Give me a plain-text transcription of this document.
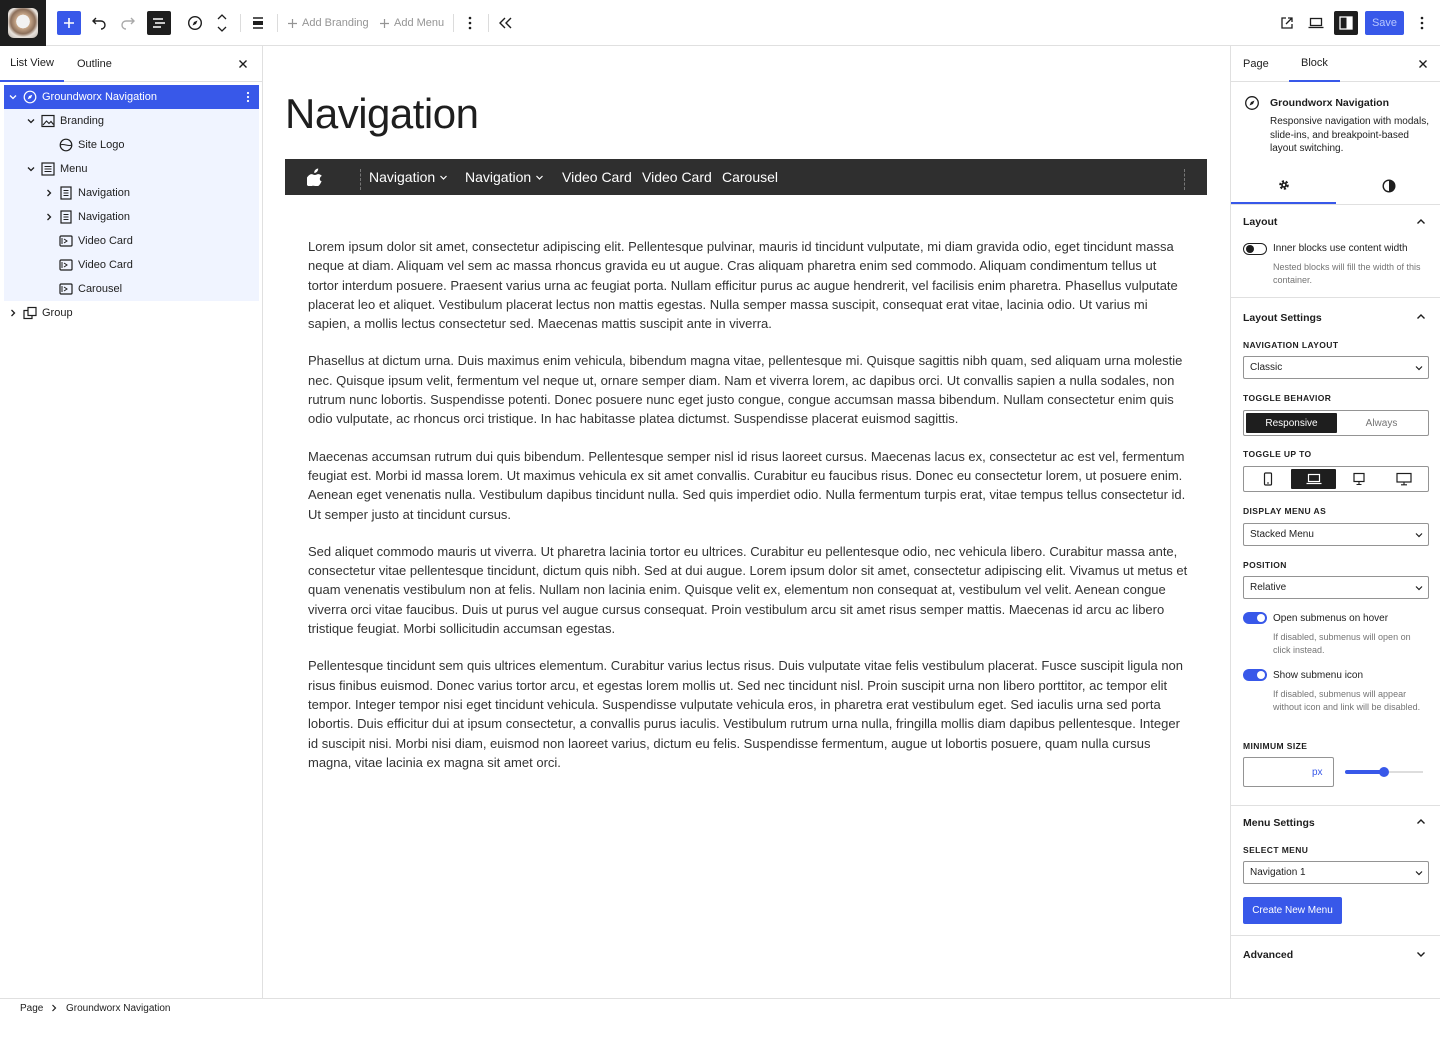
Add Branding Add Menu	Save
List View Outline
Groundworx Navigation
Branding
Site Logo
Menu
Navigation
Navigation
Video Card
Video Card
Carousel
Group
Navigation
Navigation Navigation Video Card Video Card Carousel

Lorem ipsum dolor sit amet, consectetur adipiscing elit. Pellentesque pulvinar, mauris id tincidunt vulputate, mi diam gravida odio, eget tincidunt massa neque at diam. Aliquam vel sem ac massa rhoncus gravida eu ut augue. Cras aliquam pharetra enim sed commodo. Aliquam condimentum tellus ut tortor interdum posuere. Praesent varius urna ac feugiat porta. Nullam efficitur purus ac augue hendrerit, vel facilisis enim pharetra. Phasellus vulputate placerat leo et aliquet. Vestibulum placerat lectus non mattis egestas. Nulla semper massa suscipit, consequat erat vitae, lacinia odio. Ut varius mi sapien, a mollis lectus consectetur sed. Maecenas mattis suscipit ante in viverra.

Phasellus at dictum urna. Duis maximus enim vehicula, bibendum magna vitae, pellentesque mi. Quisque sagittis nibh quam, sed aliquam urna molestie nec. Quisque ipsum velit, fermentum vel neque ut, ornare semper diam. Nam et viverra lorem, ac dapibus orci. Ut convallis sapien a nulla sodales, non rutrum nunc lobortis. Suspendisse potenti. Donec posuere nunc eget justo congue, congue accumsan massa bibendum. Nullam consectetur enim quis odio vulputate, ac rhoncus orci tristique. In hac habitasse platea dictumst. Suspendisse placerat euismod sagittis.

Maecenas accumsan rutrum dui quis bibendum. Pellentesque semper nisl id risus laoreet cursus. Maecenas lacus ex, consectetur ac est vel, fermentum feugiat est. Morbi id massa lorem. Ut maximus vehicula ex sit amet convallis. Curabitur eu faucibus risus. Donec eu consectetur lorem, ut posuere enim. Aenean eget venenatis nulla. Vestibulum dapibus tincidunt nulla. Sed quis imperdiet odio. Nulla fermentum turpis erat, vitae tempus tellus consectetur id. Ut semper justo at tincidunt cursus.

Sed aliquet commodo mauris ut viverra. Ut pharetra lacinia tortor eu ultrices. Curabitur eu pellentesque odio, nec vehicula libero. Curabitur massa ante, consectetur vitae pellentesque tincidunt, dictum quis nibh. Sed at dui augue. Lorem ipsum dolor sit amet, consectetur adipiscing elit. Vivamus ut metus et quam venenatis vestibulum non at felis. Nullam non lacinia enim. Quisque velit ex, elementum non consequat at, vestibulum vel velit. Aenean congue viverra orci vitae faucibus. Duis ut purus vel augue cursus consequat. Proin vestibulum arcu sit amet risus semper mattis. Maecenas id arcu ac libero tristique feugiat. Morbi sollicitudin accumsan egestas.

Pellentesque tincidunt sem quis ultrices elementum. Curabitur varius lectus risus. Duis vulputate vitae felis vestibulum placerat. Fusce suscipit ligula non risus finibus euismod. Donec varius tortor arcu, et egestas lorem mollis ut. Sed nec tincidunt nisl. Proin suscipit urna non libero porttitor, ac tempor elit tempor. Integer tempor nisi eget tincidunt vehicula. Suspendisse vulputate vehicula eros, in pharetra erat vestibulum eget. Sed iaculis urna sed porta lobortis. Duis efficitur dui at ipsum consectetur, a convallis purus iaculis. Vestibulum rutrum urna nulla, fringilla mollis diam dapibus pellentesque. Integer id suscipit nisi. Morbi nisi diam, euismod non laoreet varius, dictum eu felis. Suspendisse fermentum, augue ut lobortis posuere, quam nulla cursus magna, vitae lacinia ex magna sit amet orci.

Page	Block
Groundworx Navigation
Responsive navigation with modals, slide-ins, and breakpoint-based layout switching.
Layout
Inner blocks use content width
Nested blocks will fill the width of this container.
Layout Settings
NAVIGATION LAYOUT
Classic
TOGGLE BEHAVIOR
Responsive	Always
TOGGLE UP TO
DISPLAY MENU AS
Stacked Menu
POSITION
Relative
Open submenus on hover
If disabled, submenus will open on click instead.
Show submenu icon
If disabled, submenus will appear without icon and link will be disabled.
MINIMUM SIZE
px
Menu Settings
SELECT MENU
Navigation 1
Create New Menu
Advanced
Page Groundworx Navigation
